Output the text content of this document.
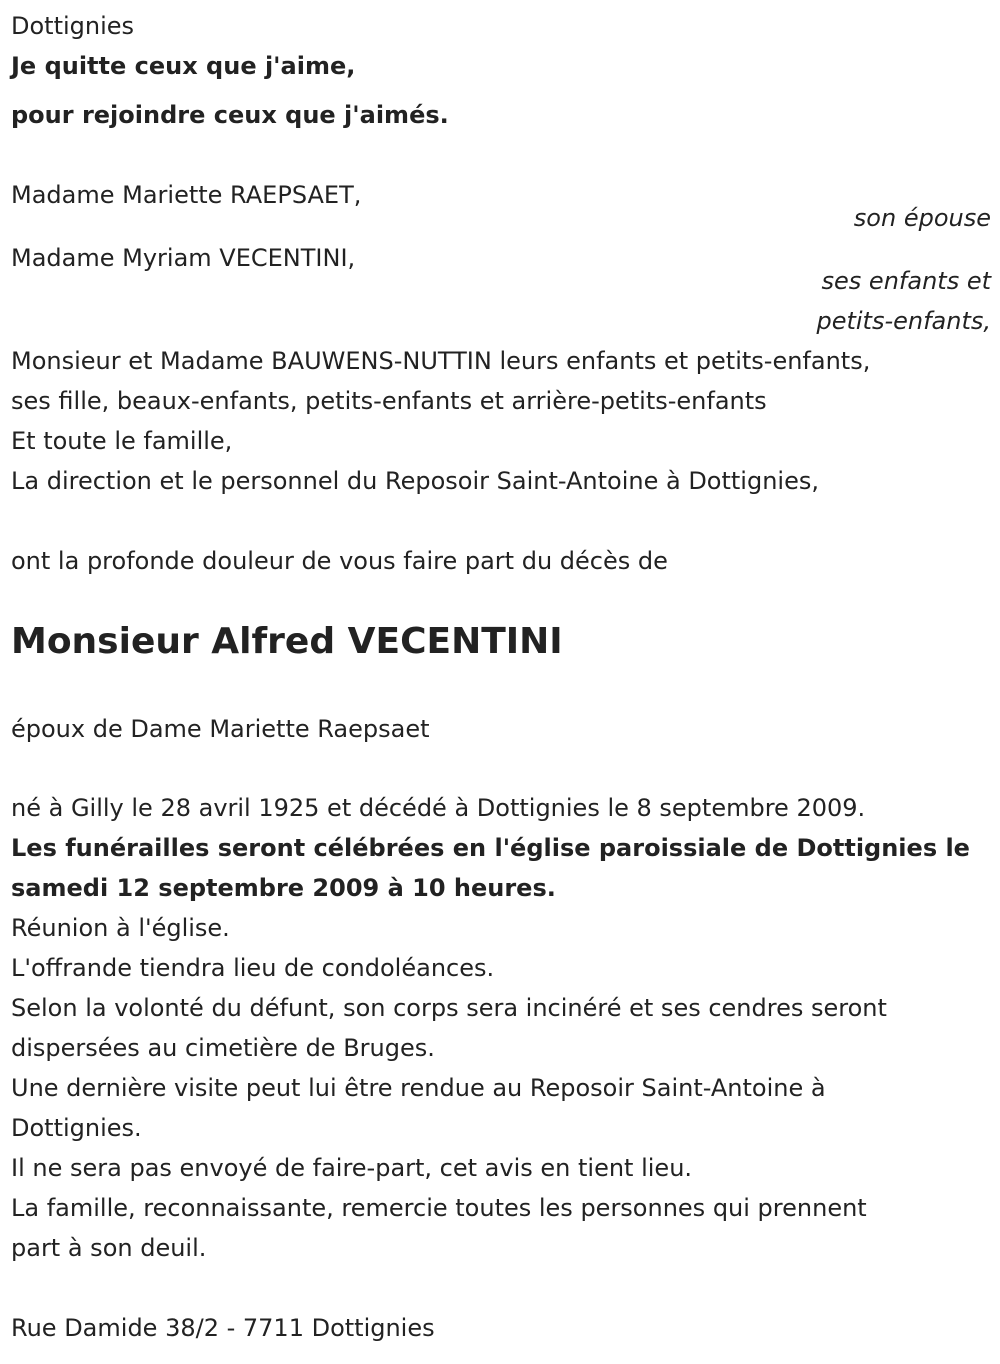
Dottignies

Je quitte ceux que j'aime,

pour rejoindre ceux que j'aimés.

Madame Mariette RAEPSAET,

son épouse

Madame Myriam VECENTINI,

ses enfants et

petits-enfants,

Monsieur et Madame BAUWENS-NUTTIN leurs enfants et petits-enfants,

ses fille, beaux-enfants, petits-enfants et arrière-petits-enfants

Et toute le famille,

La direction et le personnel du Reposoir Saint-Antoine à Dottignies,

ont la profonde douleur de vous faire part du décès de

Monsieur Alfred VECENTINI

époux de Dame Mariette Raepsaet

né à Gilly le 28 avril 1925 et décédé à Dottignies le 8 septembre 2009.

Les funérailles seront célébrées en l'église paroissiale de Dottignies le

samedi 12 septembre 2009 à 10 heures.

Réunion à l'église.

L'offrande tiendra lieu de condoléances.

Selon la volonté du défunt, son corps sera incinéré et ses cendres seront

dispersées au cimetière de Bruges.

Une dernière visite peut lui être rendue au Reposoir Saint-Antoine à

Dottignies.

Il ne sera pas envoyé de faire-part, cet avis en tient lieu.

La famille, reconnaissante, remercie toutes les personnes qui prennent

part à son deuil.

Rue Damide 38/2 - 7711 Dottignies
